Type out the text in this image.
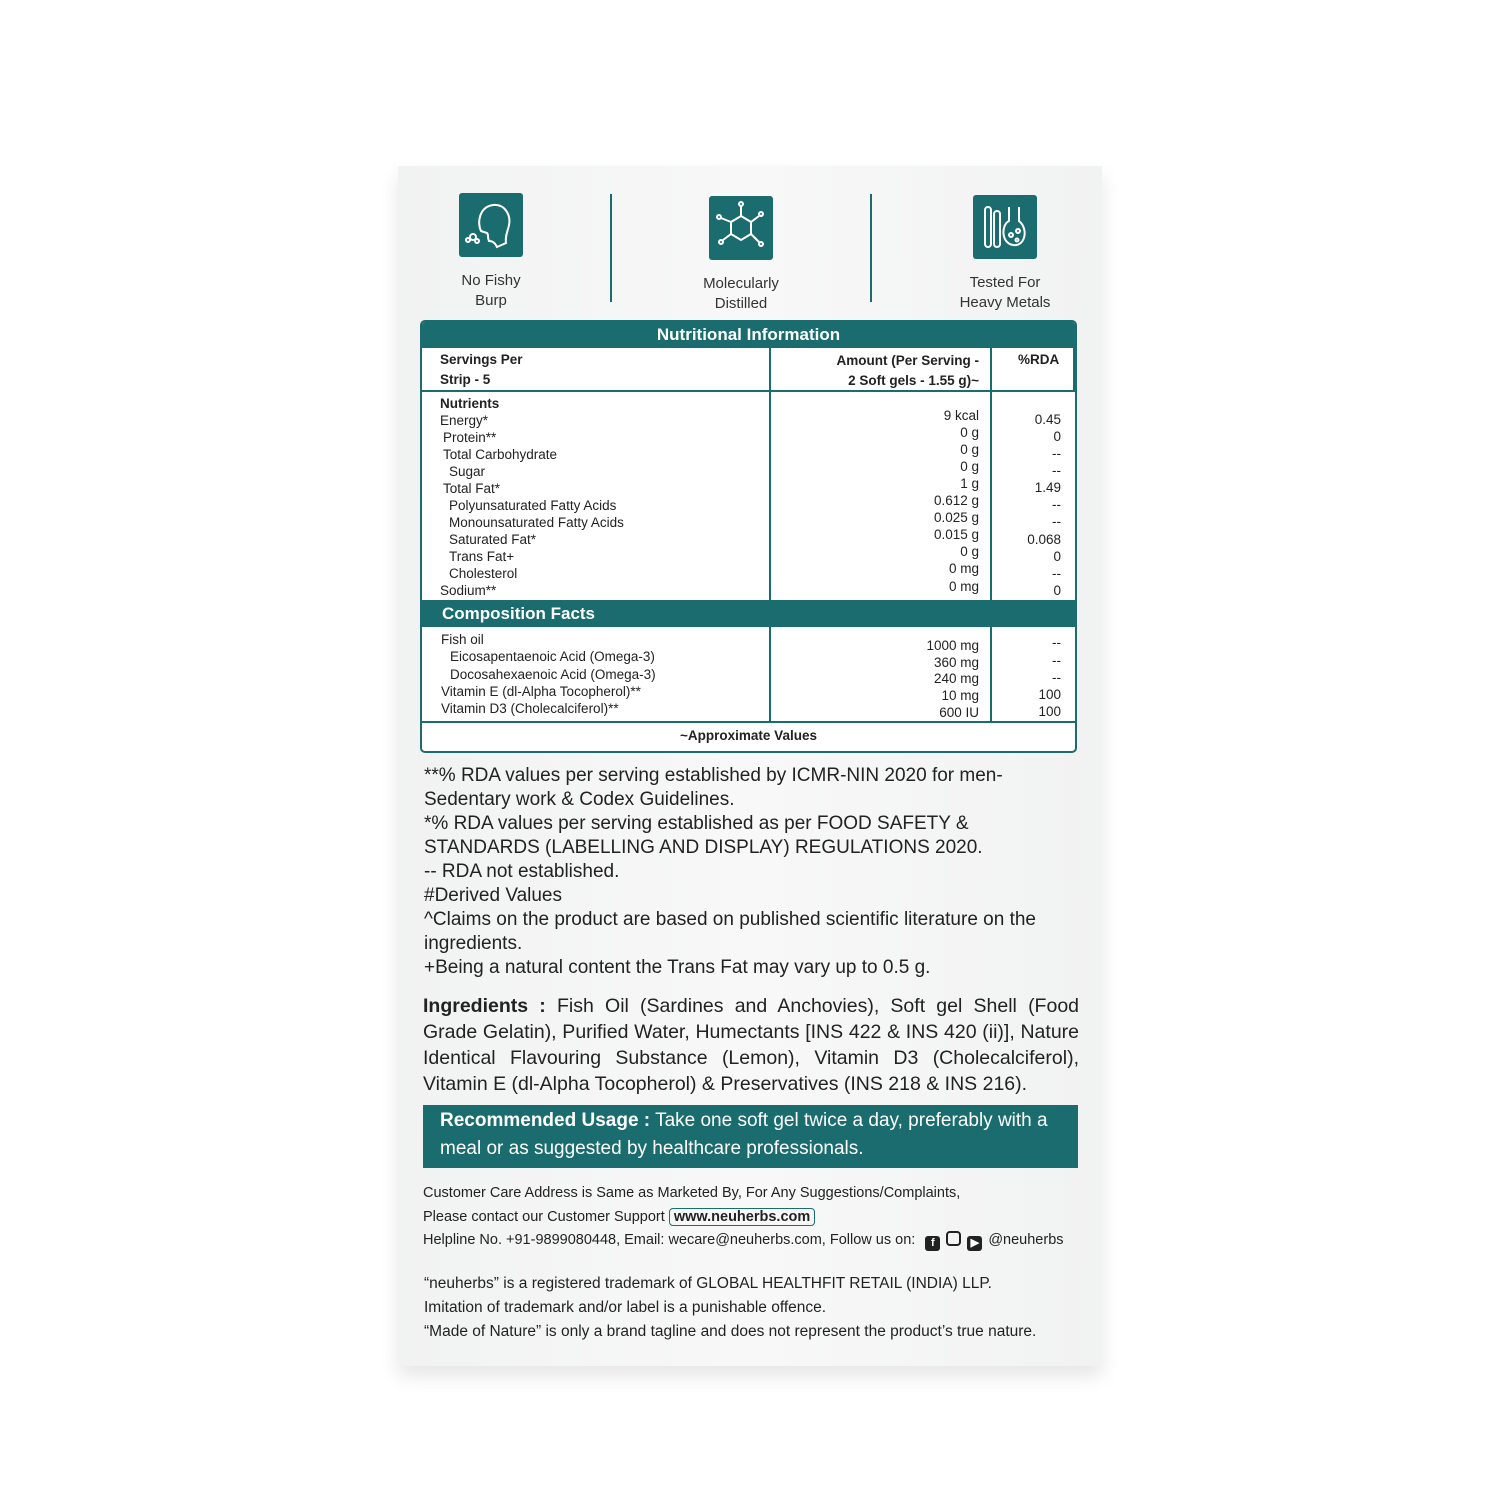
No Fishy
Burp
Molecularly
Distilled
Tested For
Heavy Metals
Nutritional Information
Servings Per
Strip - 5
Amount (Per Serving -
2 Soft gels - 1.55 g)~
%RDA
Nutrients
Energy*
Protein**
Total Carbohydrate
Sugar
Total Fat*
Polyunsaturated Fatty Acids
Monounsaturated Fatty Acids
Saturated Fat*
Trans Fat+
Cholesterol
Sodium**
9 kcal
0 g
0 g
0 g
1 g
0.612 g
0.025 g
0.015 g
0 g
0 mg
0 mg
0.45
0
--
--
1.49
--
--
0.068
0
--
0
Composition Facts
Fish oil
Eicosapentaenoic Acid (Omega-3)
Docosahexaenoic Acid (Omega-3)
Vitamin E (dl-Alpha Tocopherol)**
Vitamin D3 (Cholecalciferol)**
1000 mg
360 mg
240 mg
10 mg
600 IU
--
--
--
100
100
~Approximate Values
**% RDA values per serving established by ICMR-NIN 2020 for men-Sedentary work & Codex Guidelines.
*% RDA values per serving established as per FOOD SAFETY & STANDARDS (LABELLING AND DISPLAY) REGULATIONS 2020.
-- RDA not established.
#Derived Values
^Claims on the product are based on published scientific literature on the ingredients.
+Being a natural content the Trans Fat may vary up to 0.5 g.
Ingredients : Fish Oil (Sardines and Anchovies), Soft gel Shell (Food Grade Gelatin), Purified Water, Humectants [INS 422 & INS 420 (ii)], Nature Identical Flavouring Substance (Lemon), Vitamin D3 (Cholecalciferol), Vitamin E (dl-Alpha Tocopherol) & Preservatives (INS 218 & INS 216).
Recommended Usage : Take one soft gel twice a day, preferably with a meal or as suggested by healthcare professionals.
Customer Care Address is Same as Marketed By, For Any Suggestions/Complaints,
Please contact our Customer Support www.neuherbs.com
Helpline No. +91-9899080448, Email: wecare@neuherbs.com, Follow us on: f	▶ @neuherbs
“neuherbs” is a registered trademark of GLOBAL HEALTHFIT RETAIL (INDIA) LLP.
Imitation of trademark and/or label is a punishable offence.
“Made of Nature” is only a brand tagline and does not represent the product’s true nature.
